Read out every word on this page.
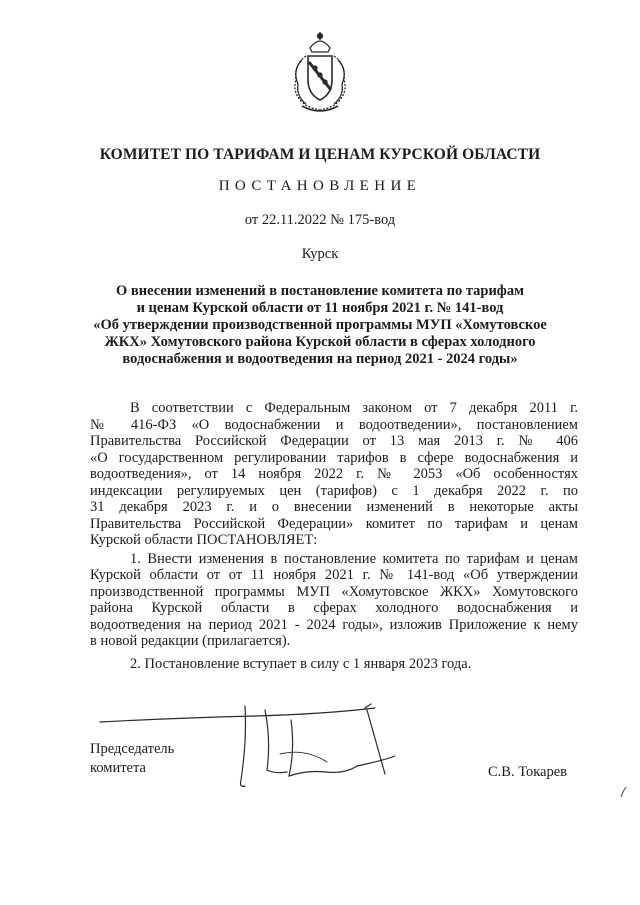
КОМИТЕТ ПО ТАРИФАМ И ЦЕНАМ КУРСКОЙ ОБЛАСТИ
ПОСТАНОВЛЕНИЕ
от 22.11.2022 № 175-вод
Курск
О внесении изменений в постановление комитета по тарифам
и ценам Курской области от 11 ноября 2021 г. № 141-вод
«Об утверждении производственной программы МУП «Хомутовское
ЖКХ» Хомутовского района Курской области в сферах холодного
водоснабжения и водоотведения на период 2021 - 2024 годы»
В соответствии с Федеральным законом от 7 декабря 2011 г.
№ 416-ФЗ «О водоснабжении и водоотведении», постановлением
Правительства Российской Федерации от 13 мая 2013 г. № 406
«О государственном регулировании тарифов в сфере водоснабжения и
водоотведения», от 14 ноября 2022 г. № 2053 «Об особенностях
индексации регулируемых цен (тарифов) с 1 декабря 2022 г. по
31 декабря 2023 г. и о внесении изменений в некоторые акты
Правительства Российской Федерации» комитет по тарифам и ценам
Курской области ПОСТАНОВЛЯЕТ:
1. Внести изменения в постановление комитета по тарифам и ценам
Курской области от от 11 ноября 2021 г. № 141-вод «Об утверждении
производственной программы МУП «Хомутовское ЖКХ» Хомутовского
района Курской области в сферах холодного водоснабжения и
водоотведения на период 2021 - 2024 годы», изложив Приложение к нему
в новой редакции (прилагается).
2. Постановление вступает в силу с 1 января 2023 года.
Председатель
комитета	С.В. Токарев
